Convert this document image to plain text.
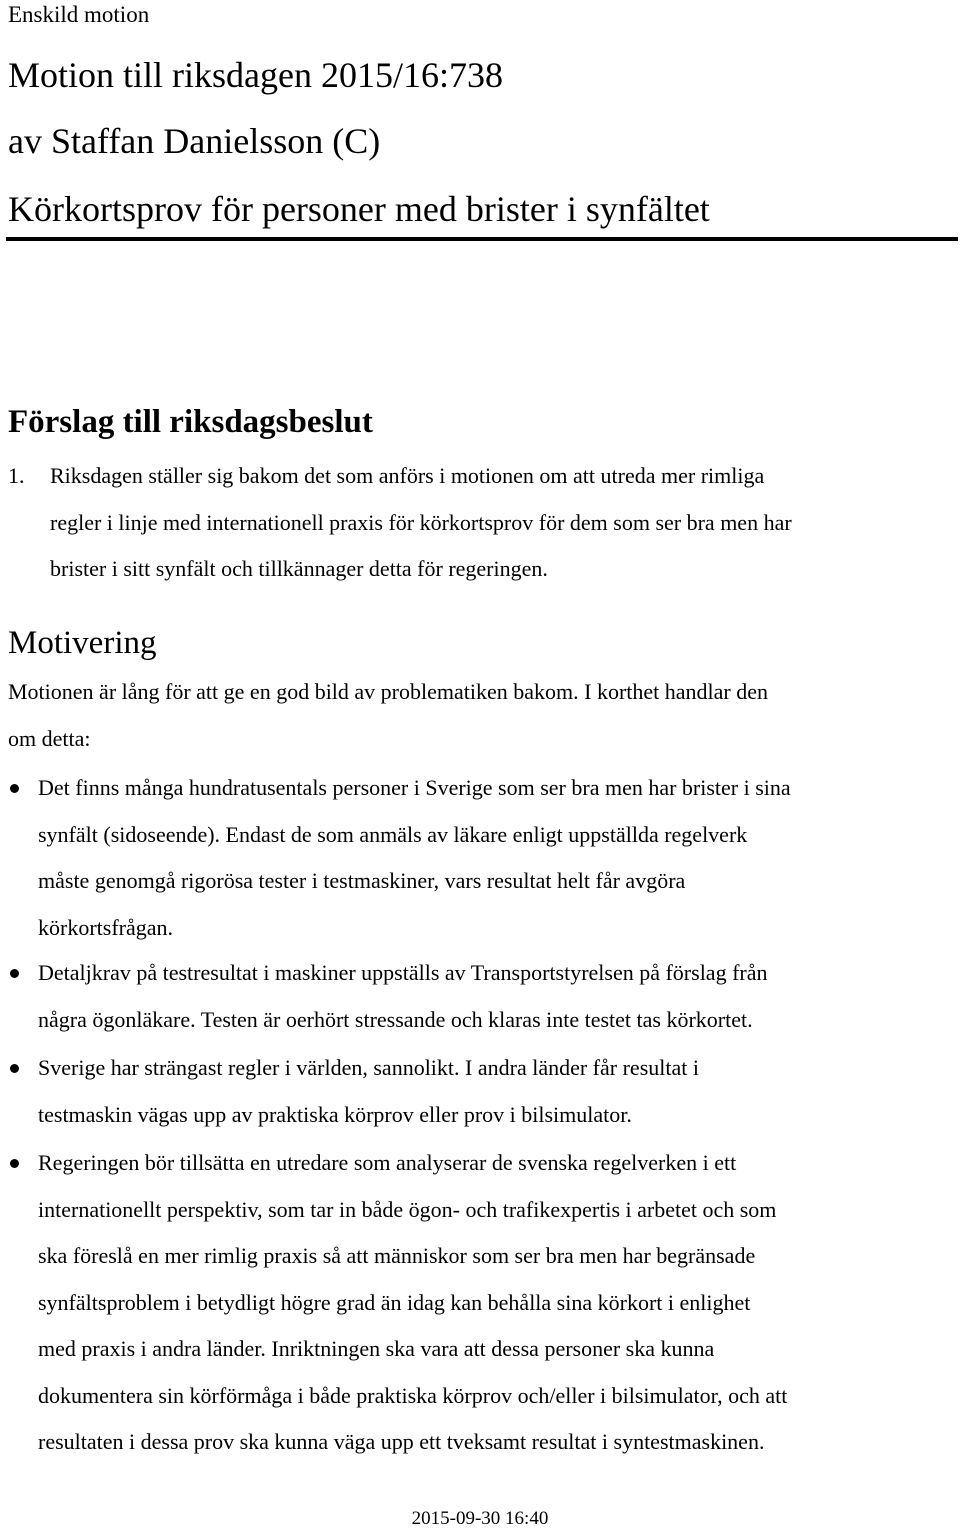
Enskild motion
Motion till riksdagen 2015/16:738
av Staffan Danielsson (C)
Körkortsprov för personer med brister i synfältet
Förslag till riksdagsbeslut
1. Riksdagen ställer sig bakom det som anförs i motionen om att utreda mer rimliga
regler i linje med internationell praxis för körkortsprov för dem som ser bra men har
brister i sitt synfält och tillkännager detta för regeringen.
Motivering
Motionen är lång för att ge en god bild av problematiken bakom. I korthet handlar den
om detta:
Det finns många hundratusentals personer i Sverige som ser bra men har brister i sina
synfält (sidoseende). Endast de som anmäls av läkare enligt uppställda regelverk
måste genomgå rigorösa tester i testmaskiner, vars resultat helt får avgöra
körkortsfrågan.
Detaljkrav på testresultat i maskiner uppställs av Transportstyrelsen på förslag från
några ögonläkare. Testen är oerhört stressande och klaras inte testet tas körkortet.
Sverige har strängast regler i världen, sannolikt. I andra länder får resultat i
testmaskin vägas upp av praktiska körprov eller prov i bilsimulator.
Regeringen bör tillsätta en utredare som analyserar de svenska regelverken i ett
internationellt perspektiv, som tar in både ögon- och trafikexpertis i arbetet och som
ska föreslå en mer rimlig praxis så att människor som ser bra men har begränsade
synfältsproblem i betydligt högre grad än idag kan behålla sina körkort i enlighet
med praxis i andra länder. Inriktningen ska vara att dessa personer ska kunna
dokumentera sin körförmåga i både praktiska körprov och/eller i bilsimulator, och att
resultaten i dessa prov ska kunna väga upp ett tveksamt resultat i syntestmaskinen.
2015-09-30 16:40
